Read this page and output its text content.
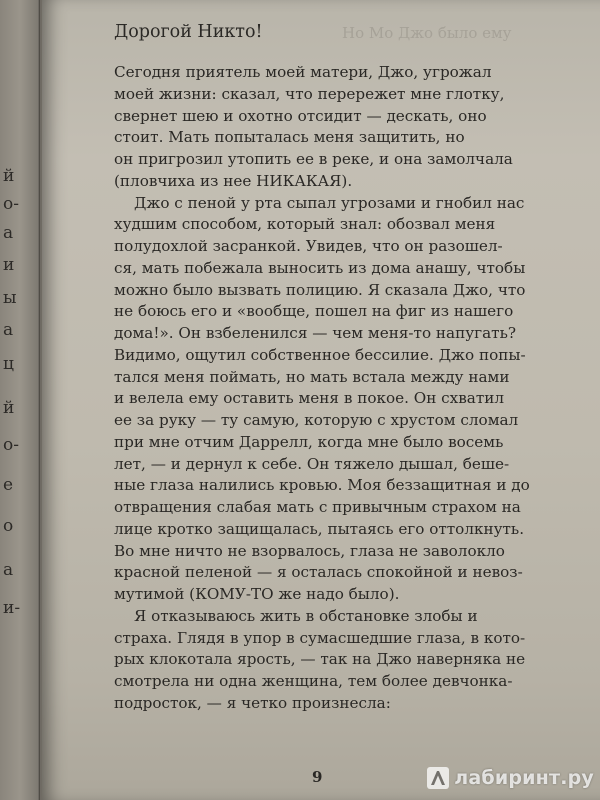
й
о-
а
и
ы
а
ц
й
о-
е
о
а
и-
Но Мо Джо было ему
Дорогой Никто!
Сегодня приятель моей матери, Джо, угрожал
моей жизни: сказал, что перережет мне глотку,
свернет шею и охотно отсидит — дескать, оно
стоит. Мать попыталась меня защитить, но
он пригрозил утопить ее в реке, и она замолчала
(пловчиха из нее НИКАКАЯ).
Джо с пеной у рта сыпал угрозами и гнобил нас
худшим способом, который знал: обозвал меня
полудохлой засранкой. Увидев, что он разошел-
ся, мать побежала выносить из дома анашу, чтобы
можно было вызвать полицию. Я сказала Джо, что
не боюсь его и «вообще, пошел на фиг из нашего
дома!». Он взбеленился — чем меня-то напугать?
Видимо, ощутил собственное бессилие. Джо попы-
тался меня поймать, но мать встала между нами
и велела ему оставить меня в покое. Он схватил
ее за руку — ту самую, которую с хрустом сломал
при мне отчим Даррелл, когда мне было восемь
лет, — и дернул к себе. Он тяжело дышал, беше-
ные глаза налились кровью. Моя беззащитная и до
отвращения слабая мать с привычным страхом на
лице кротко защищалась, пытаясь его оттолкнуть.
Во мне ничто не взорвалось, глаза не заволокло
красной пеленой — я осталась спокойной и невоз-
мутимой (КОМУ-ТО же надо было).
Я отказываюсь жить в обстановке злобы и
страха. Глядя в упор в сумасшедшие глаза, в кото-
рых клокотала ярость, — так на Джо наверняка не
смотрела ни одна женщина, тем более девчонка-
подросток, — я четко произнесла:
9	лабиринт.ру
